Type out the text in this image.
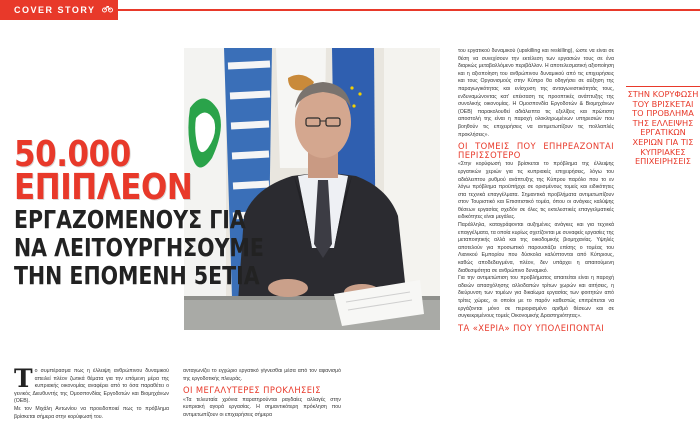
COVER STORY
50.000
ΕΠΙΠΛΕΟΝ
ΕΡΓΑΖΟΜΕΝΟΥΣ ΓΙΑ
ΝΑ ΛΕΙΤΟΥΡΓΗΣΟΥΜΕ
ΤΗΝ ΕΠΟΜΕΝΗ 5ΕΤΙΑ
Τ ο συμπέρασμα πως η έλλειψη ανθρώπινου δυναμικού απειλεί πλέον ζωτικά θέματα για την επόμενη μέρα της κυπριακής οικονομίας αναφέρει από το όσα παραθέτει ο γενικός Διευθυντής της Ομοσπονδίας Εργοδοτών και Βιομηχάνων (ΟΕΒ).

Με τον Μιχάλη Αντωνίου να προειδοποιεί πως το πρόβλημα βρίσκεται σήμερα στην κορύφωσή του.

ανταγωνίζει το εγχώριο εργατικό γίγνεσθαι μέσα από τον αφανισμό της εργοδοτικής πλευράς.

ΟΙ ΜΕΓΑΛΥΤΕΡΕΣ ΠΡΟΚΛΗΣΕΙΣ

«Τα τελευταία χρόνια παρατηρούνται ραγδαίες αλλαγές στην κυπριακή αγορά εργασίας. Η σημαντικότερη πρόκληση που αντιμετωπίζουν οι επιχειρήσεις σήμερα

του εργατικού δυναμικού (upskilling και reskilling), ώστε να είναι σε θέση να συνεχίσουν την εκτέλεση των εργασιών τους σε ένα διαρκώς μεταβαλλόμενο περιβάλλον. Η αποτελεσματική αξιοποίηση και η αξιοποίηση του ανθρώπινου δυναμικού από τις επιχειρήσεις και τους Οργανισμούς στην Κύπρο θα οδηγήσει σε αύξηση της παραγωγικότητας και ενίσχυση της ανταγωνιστικότητάς τους, ενδυναμώνοντας κατ' επέκταση τις προοπτικές ανάπτυξης της συνολικής οικονομίας. Η Ομοσπονδία Εργοδοτών & Βιομηχάνων (ΟΕΒ) παρακολουθεί αδιάλειπτα τις εξελίξεις και πρώτιστη αποστολή της είναι η παροχή ολοκληρωμένων υπηρεσιών που βοηθούν τις επιχειρήσεις να αντιμετωπίζουν τις πολλαπλές προκλήσεις».

ΟΙ ΤΟΜΕΙΣ ΠΟΥ ΕΠΗΡΕΑΖΟΝΤΑΙ ΠΕΡΙΣΣΟΤΕΡΟ

«Στην κορύφωσή του βρίσκεται το πρόβλημα της έλλειψης εργατικών χεριών για τις κυπριακές επιχειρήσεις, λόγω του αδιάλειπτου ρυθμού ανάπτυξης της Κύπρου παρόλο που το εν λόγω πρόβλημα προϋπήρχε σε ορισμένους τομείς και ειδικότητες στα τεχνικά επαγγέλματα. Σημαντικά προβλήματα αντιμετωπίζουν στον Τουριστικό και Επισιτιστικό τομέα, όπου οι ανάγκες καλύψης θέσεων εργασίας σχεδόν σε όλες τις εκτελεστικές επαγγελματικές ειδικότητες είναι μεγάλες.

Παράλληλα, καταγράφονται αυξημένες ανάγκες και για τεχνικά επαγγέλματα, τα οποία κυρίως σχετίζονται με συναφείς εργασίες της μεταποιητικής αλλά και της οικοδομικής βιομηχανίας. Υψηλές αποτελούν για προσωπικό παρουσιάζει επίσης ο τομέας του Λιανικού Εμπορίου που δύσκολα καλύπτονται από Κύπριους, καθώς αποδεδειγμένα, πλέον, δεν υπάρχει η απαιτούμενη διαθεσιμότητα σε ανθρώπινο δυναμικό.

Για την αντιμετώπιση του προβλήματος απαιτείται είναι η παροχή αδειών απασχόλησης αλλοδαπών τρίτων χωρών και αιτήσεις, η διεύρυνση των τομέων για δικαίωμα εργασίας των φοιτητών από τρίτες χώρες, οι οποίοι με το παρόν καθεστώς επιτρέπεται να εργάζονται μόνο σε περιορισμένο αριθμό θέσεων και σε συγκεκριμένους τομείς Οικονομικής Δραστηριότητας».

ΤΑ «ΧΕΡΙΑ» ΠΟΥ ΥΠΟΛΕΙΠΟΝΤΑΙ
ΣΤΗΝ ΚΟΡΥΦΩΣΗ ΤΟΥ ΒΡΙΣΚΕΤΑΙ ΤΟ ΠΡΟΒΛΗΜΑ ΤΗΣ ΕΛΛΕΙΨΗΣ ΕΡΓΑΤΙΚΩΝ ΧΕΡΙΩΝ ΓΙΑ ΤΙΣ ΚΥΠΡΙΑΚΕΣ ΕΠΙΧΕΙΡΗΣΕΙΣ
